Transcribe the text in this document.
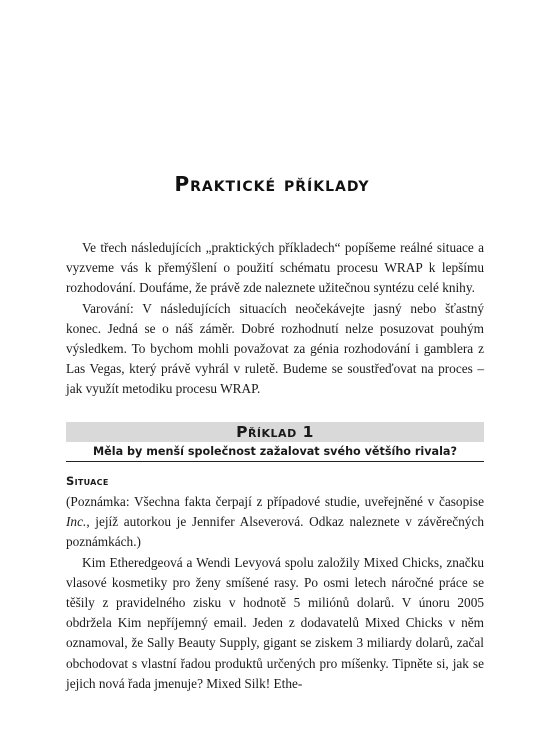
Praktické příklady

Ve třech následujících „praktických příkladech“ popíšeme reálné situace a vyzveme vás k přemýšlení o použití schématu procesu WRAP k lepšímu rozhodování. Doufáme, že právě zde naleznete užitečnou syntézu celé knihy.

Varování: V následujících situacích neočekávejte jasný nebo šťastný konec. Jedná se o náš záměr. Dobré rozhodnutí nelze posuzovat pouhým výsledkem. To bychom mohli považovat za génia rozhodování i gamblera z Las Vegas, který právě vyhrál v ruletě. Budeme se soustřeďovat na proces – jak využít metodiku procesu WRAP.

Příklad 1
Měla by menší společnost zažalovat svého většího rivala?
Situace

(Poznámka: Všechna fakta čerpají z případové studie, uveřejněné v časopise Inc., jejíž autorkou je Jennifer Alseverová. Odkaz naleznete v závěrečných poznámkách.)

Kim Etheredgeová a Wendi Levyová spolu založily Mixed Chicks, značku vlasové kosmetiky pro ženy smíšené rasy. Po osmi letech náročné práce se těšily z pravidelného zisku v hodnotě 5 miliónů dolarů. V únoru 2005 obdržela Kim nepříjemný email. Jeden z dodavatelů Mixed Chicks v něm oznamoval, že Sally Beauty Supply, gigant se ziskem 3 miliardy dolarů, začal obchodovat s vlastní řadou produktů určených pro míšenky. Tipněte si, jak se jejich nová řada jmenuje? Mixed Silk! Ethe-
